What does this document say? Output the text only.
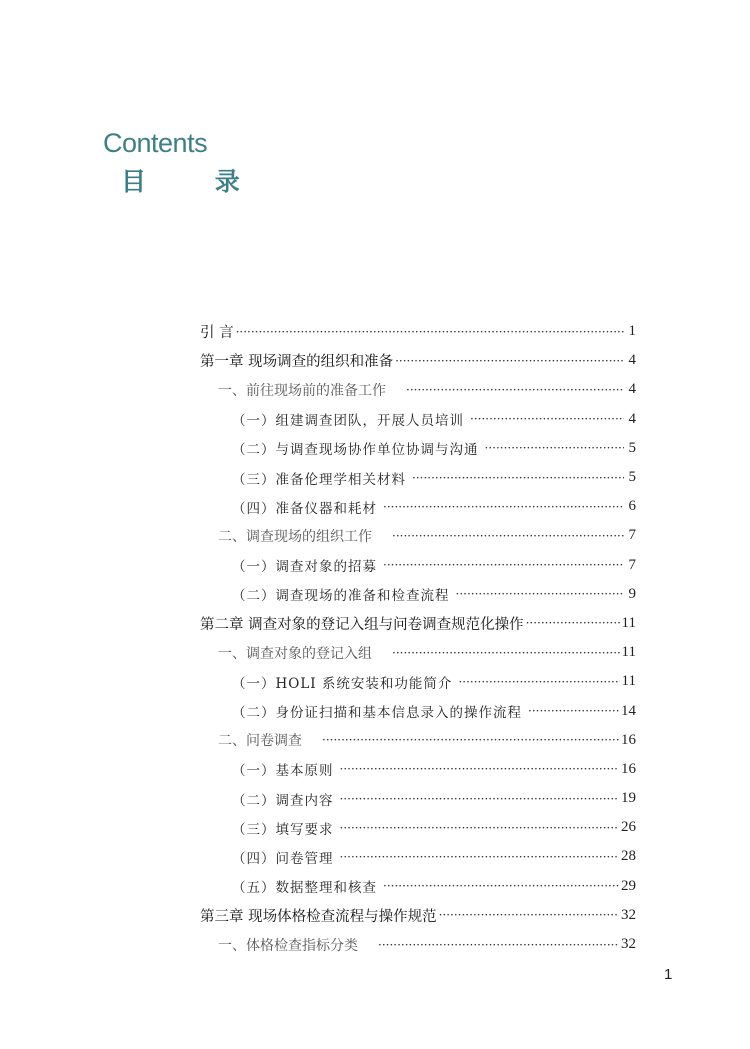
Contents
目 录
引 言 ·····	1
第一章 现场调查的组织和准备 ·····	4
一、前往现场前的准备工作 ·····	4
（一）组建调查团队，开展人员培训 ·····	4
（二）与调查现场协作单位协调与沟通 ·····	5
（三）准备伦理学相关材料 ·····	5
（四）准备仪器和耗材 ·····	6
二、调查现场的组织工作 ·····	7
（一）调查对象的招募 ·····	7
（二）调查现场的准备和检查流程 ·····	9
第二章 调查对象的登记入组与问卷调查规范化操作 ·····	11
一、调查对象的登记入组 ·····	11
（一）HOLI 系统安装和功能简介 ·····	11
（二）身份证扫描和基本信息录入的操作流程 ·····	14
二、问卷调查 ·····	16
（一）基本原则 ·····	16
（二）调查内容 ·····	19
（三）填写要求 ·····	26
（四）问卷管理 ·····	28
（五）数据整理和核查 ·····	29
第三章 现场体格检查流程与操作规范 ·····	32
一、体格检查指标分类 ·····	32
1
